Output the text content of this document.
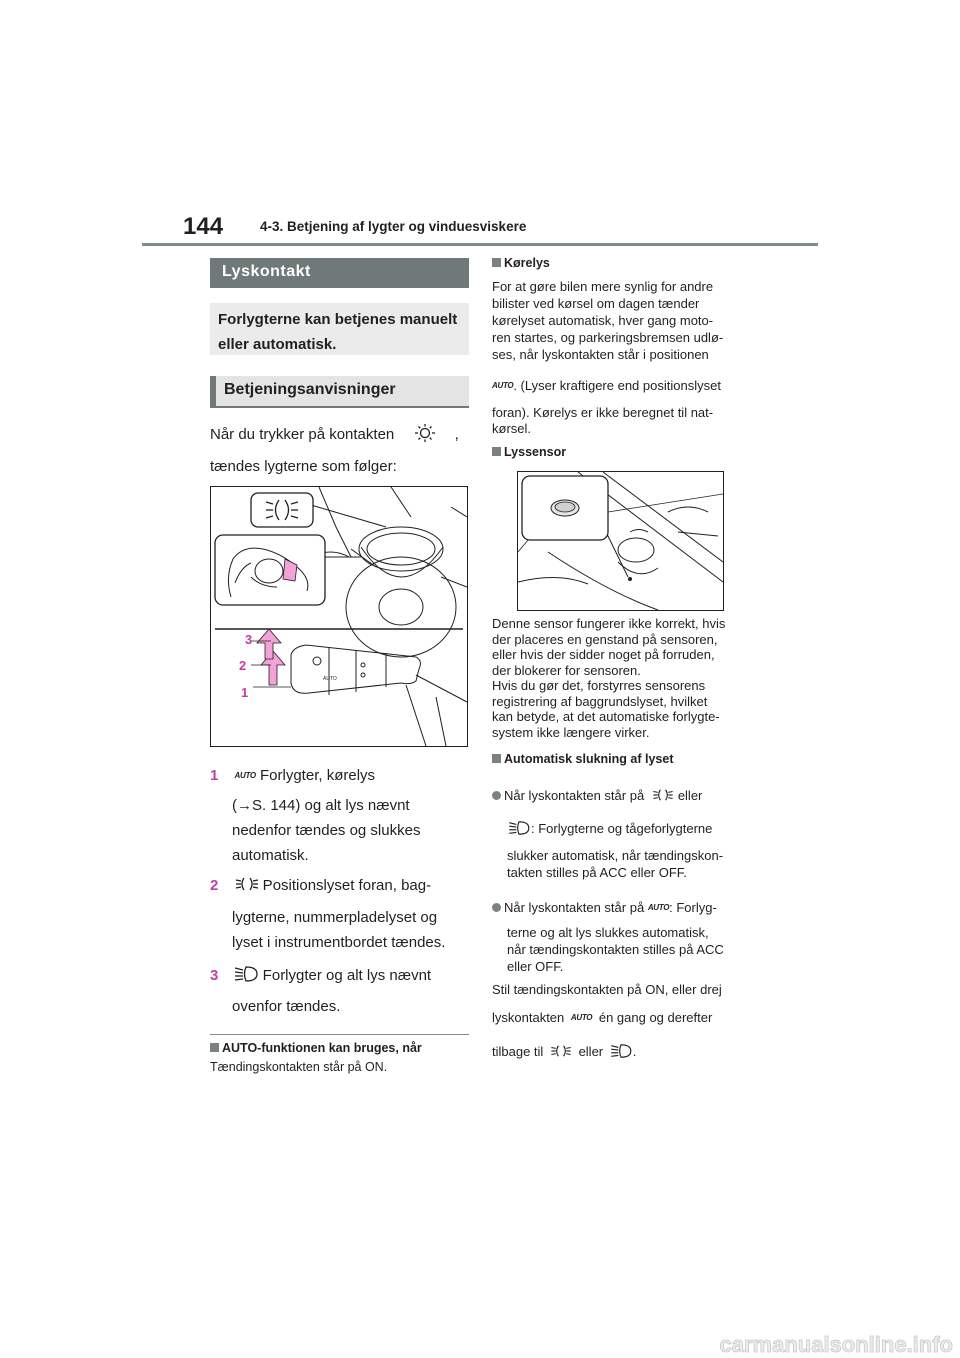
144	4-3. Betjening af lygter og vinduesviskere
Lyskontakt
Forlygterne kan betjenes manuelt eller automatisk.
Betjeningsanvisninger
Når du trykker på kontakten	,
tændes lygterne som følger:
AUTO
3
2
1
1 AUTO Forlygter, kørelys
(→S. 144) og alt lys nævnt
nedenfor tændes og slukkes
automatisk.
2	Positionslyset foran, bag-
lygterne, nummerpladelyset og
lyset i instrumentbordet tændes.
3	Forlygter og alt lys nævnt
ovenfor tændes.
AUTO-funktionen kan bruges, når
Tændingskontakten står på ON.
Kørelys
For at gøre bilen mere synlig for andre
bilister ved kørsel om dagen tænder
kørelyset automatisk, hver gang moto-
ren startes, og parkeringsbremsen udlø-
ses, når lyskontakten står i positionen
AUTO. (Lyser kraftigere end positionslyset
foran). Kørelys er ikke beregnet til nat-
kørsel.
Lyssensor
Denne sensor fungerer ikke korrekt, hvis
der placeres en genstand på sensoren,
eller hvis der sidder noget på forruden,
der blokerer for sensoren.
Hvis du gør det, forstyrres sensorens
registrering af baggrundslyset, hvilket
kan betyde, at det automatiske forlygte-
system ikke længere virker.
Automatisk slukning af lyset
Når lyskontakten står på	eller
: Forlygterne og tågeforlygterne
slukker automatisk, når tændingskon-
takten stilles på ACC eller OFF.
Når lyskontakten står på AUTO: Forlyg-
terne og alt lys slukkes automatisk,
når tændingskontakten stilles på ACC
eller OFF.
Stil tændingskontakten på ON, eller drej
lyskontakten AUTO én gang og derefter
tilbage til	eller .
carmanualsonline.info
